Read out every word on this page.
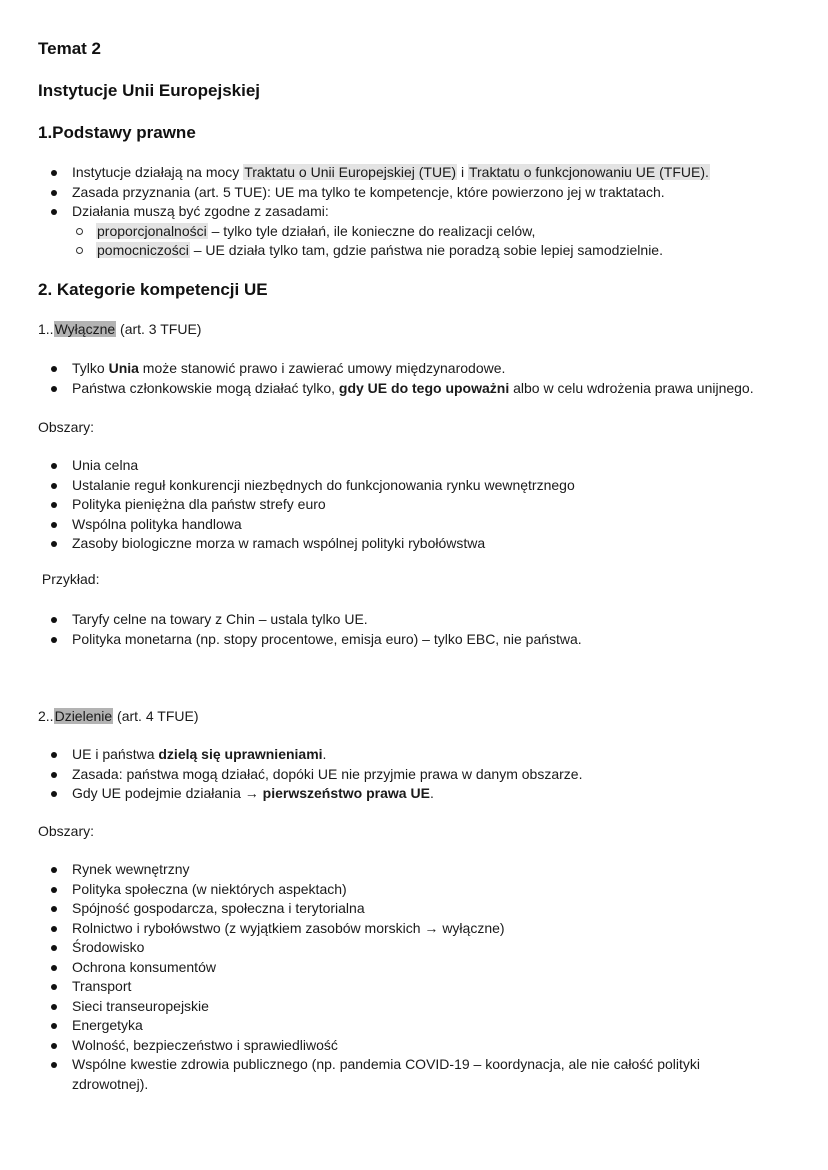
Temat 2
Instytucje Unii Europejskiej
1.Podstawy prawne
Instytucje działają na mocy Traktatu o Unii Europejskiej (TUE) i Traktatu o funkcjonowaniu UE (TFUE).
Zasada przyznania (art. 5 TUE): UE ma tylko te kompetencje, które powierzono jej w traktatach.
Działania muszą być zgodne z zasadami:
proporcjonalności – tylko tyle działań, ile konieczne do realizacji celów,
pomocniczości – UE działa tylko tam, gdzie państwa nie poradzą sobie lepiej samodzielnie.
2. Kategorie kompetencji UE
1..Wyłączne (art. 3 TFUE)
Tylko Unia może stanowić prawo i zawierać umowy międzynarodowe.
Państwa członkowskie mogą działać tylko, gdy UE do tego upoważni albo w celu wdrożenia prawa unijnego.
Obszary:
Unia celna
Ustalanie reguł konkurencji niezbędnych do funkcjonowania rynku wewnętrznego
Polityka pieniężna dla państw strefy euro
Wspólna polityka handlowa
Zasoby biologiczne morza w ramach wspólnej polityki rybołówstwa
Przykład:
Taryfy celne na towary z Chin – ustala tylko UE.
Polityka monetarna (np. stopy procentowe, emisja euro) – tylko EBC, nie państwa.
2..Dzielenie (art. 4 TFUE)
UE i państwa dzielą się uprawnieniami.
Zasada: państwa mogą działać, dopóki UE nie przyjmie prawa w danym obszarze.
Gdy UE podejmie działania → pierwszeństwo prawa UE.
Obszary:
Rynek wewnętrzny
Polityka społeczna (w niektórych aspektach)
Spójność gospodarcza, społeczna i terytorialna
Rolnictwo i rybołówstwo (z wyjątkiem zasobów morskich → wyłączne)
Środowisko
Ochrona konsumentów
Transport
Sieci transeuropejskie
Energetyka
Wolność, bezpieczeństwo i sprawiedliwość
Wspólne kwestie zdrowia publicznego (np. pandemia COVID-19 – koordynacja, ale nie całość polityki zdrowotnej).
